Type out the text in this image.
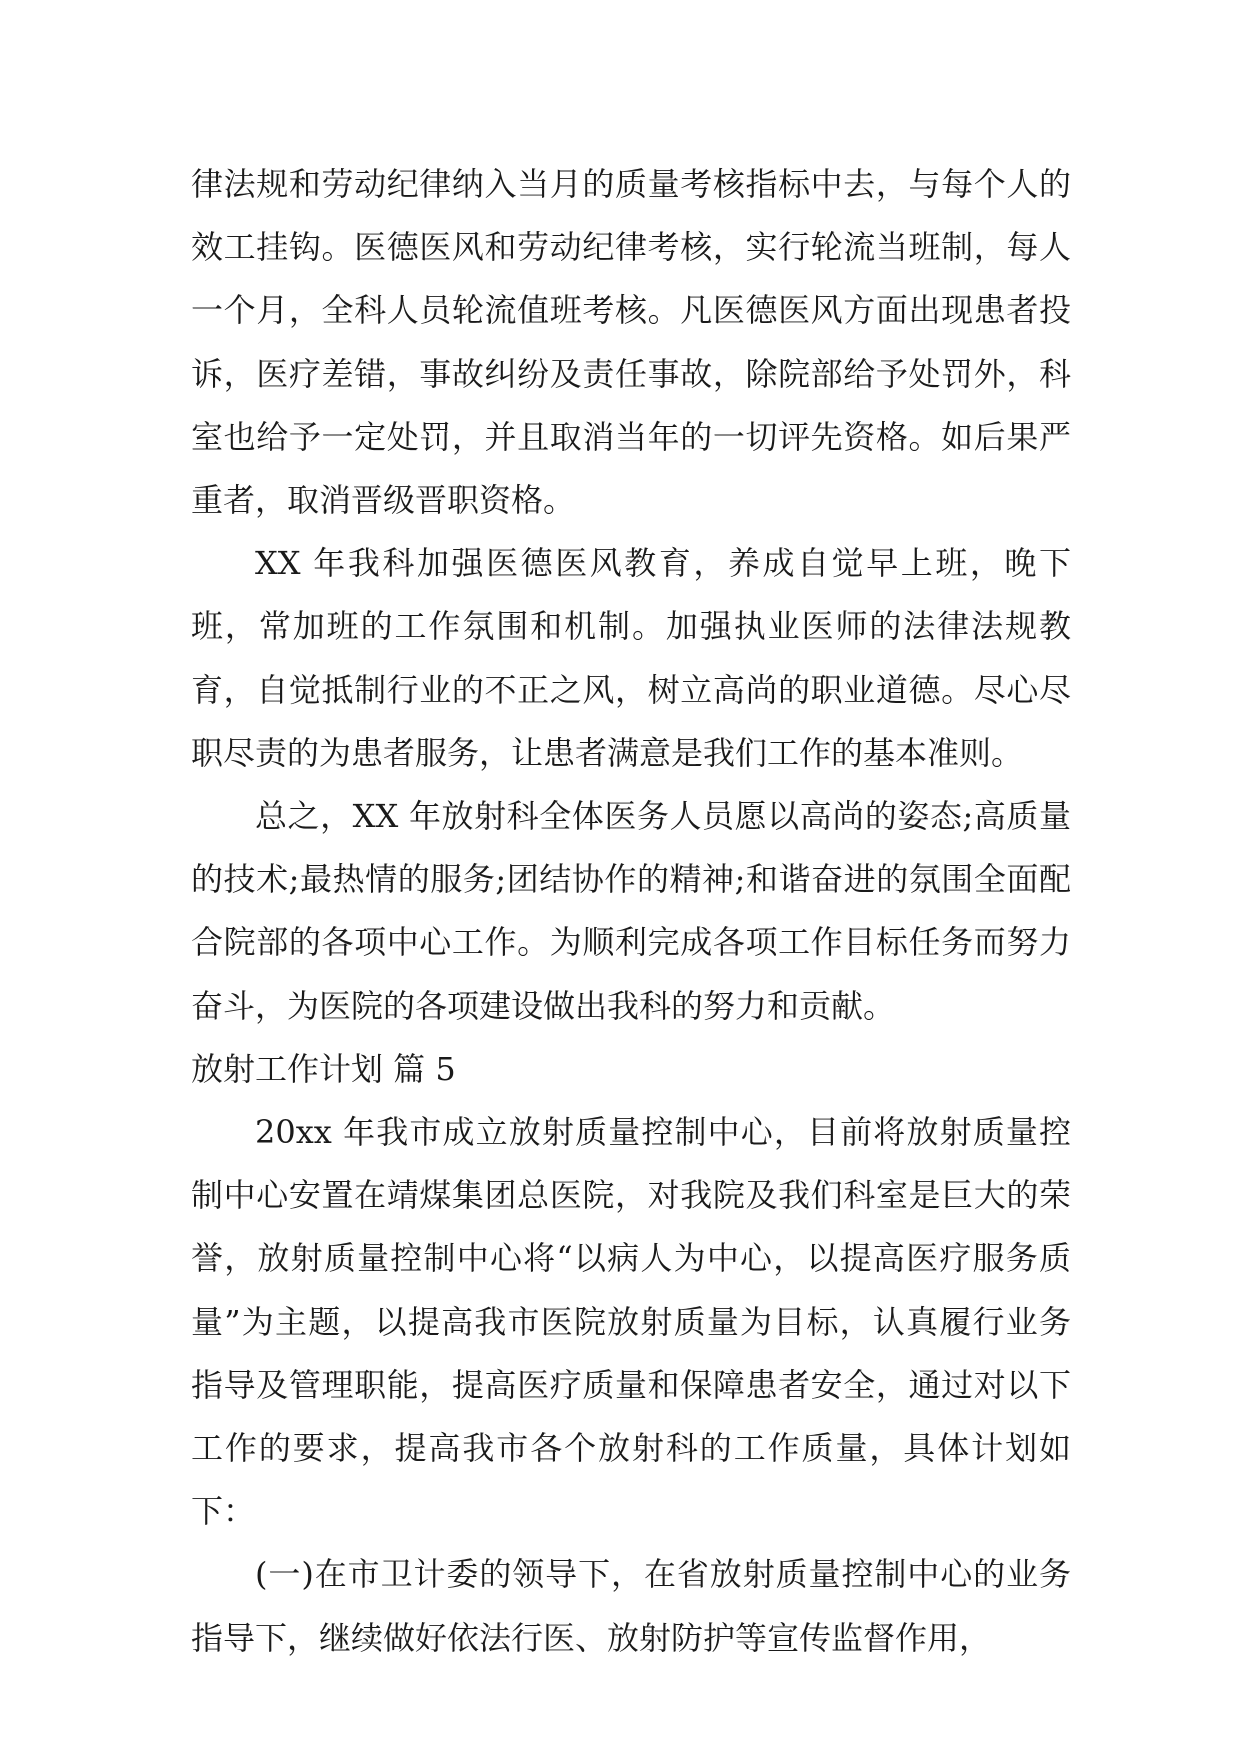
律法规和劳动纪律纳入当月的质量考核指标中去，与每个人的效工挂钩。医德医风和劳动纪律考核，实行轮流当班制，每人一个月，全科人员轮流值班考核。凡医德医风方面出现患者投诉，医疗差错，事故纠纷及责任事故，除院部给予处罚外，科室也给予一定处罚，并且取消当年的一切评先资格。如后果严重者，取消晋级晋职资格。

XX 年我科加强医德医风教育，养成自觉早上班，晚下班，常加班的工作氛围和机制。加强执业医师的法律法规教育，自觉抵制行业的不正之风，树立高尚的职业道德。尽心尽职尽责的为患者服务，让患者满意是我们工作的基本准则。

总之，XX 年放射科全体医务人员愿以高尚的姿态;高质量的技术;最热情的服务;团结协作的精神;和谐奋进的氛围全面配合院部的各项中心工作。为顺利完成各项工作目标任务而努力奋斗，为医院的各项建设做出我科的努力和贡献。

放射工作计划 篇 5

20xx 年我市成立放射质量控制中心，目前将放射质量控制中心安置在靖煤集团总医院，对我院及我们科室是巨大的荣誉，放射质量控制中心将“以病人为中心，以提高医疗服务质量”为主题，以提高我市医院放射质量为目标，认真履行业务指导及管理职能，提高医疗质量和保障患者安全，通过对以下工作的要求，提高我市各个放射科的工作质量，具体计划如下：

(一)在市卫计委的领导下，在省放射质量控制中心的业务指导下，继续做好依法行医、放射防护等宣传监督作用，
